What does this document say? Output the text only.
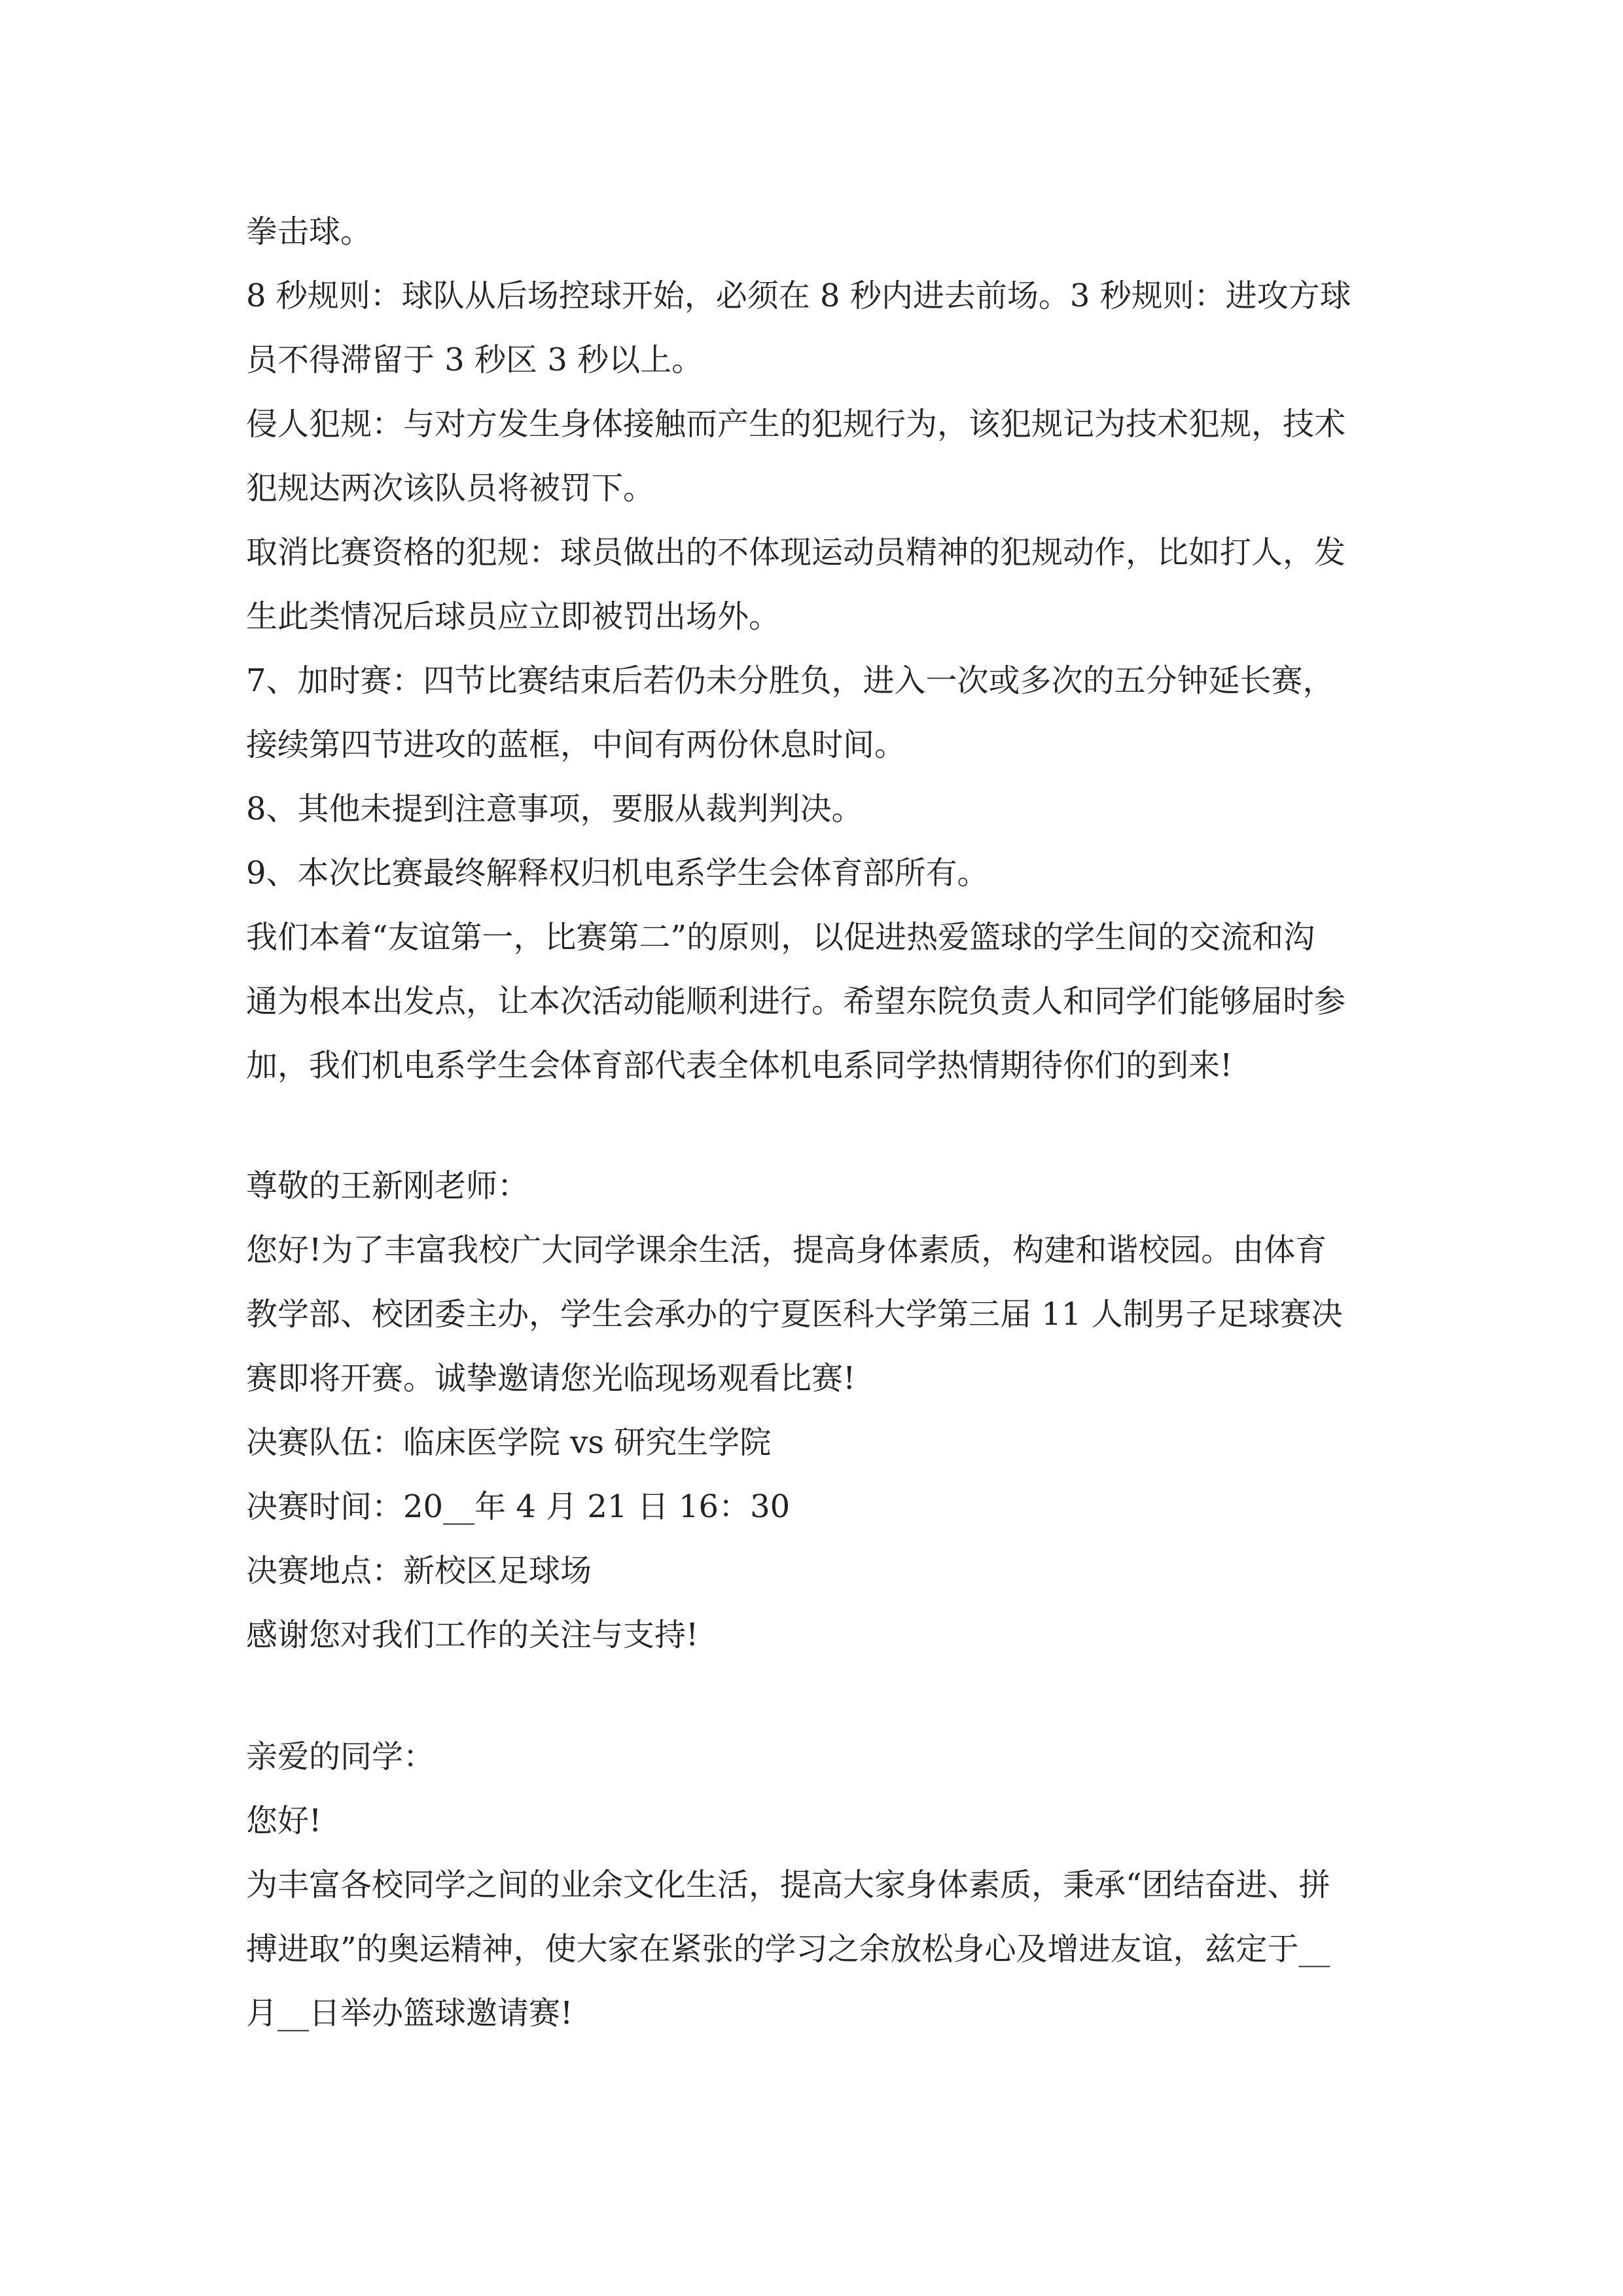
拳击球。
8 秒规则：球队从后场控球开始，必须在 8 秒内进去前场。3 秒规则：进攻方球
员不得滞留于 3 秒区 3 秒以上。
侵人犯规：与对方发生身体接触而产生的犯规行为，该犯规记为技术犯规，技术
犯规达两次该队员将被罚下。
取消比赛资格的犯规：球员做出的不体现运动员精神的犯规动作，比如打人，发
生此类情况后球员应立即被罚出场外。
7、加时赛：四节比赛结束后若仍未分胜负，进入一次或多次的五分钟延长赛，
接续第四节进攻的蓝框，中间有两份休息时间。
8、其他未提到注意事项，要服从裁判判决。
9、本次比赛最终解释权归机电系学生会体育部所有。
我们本着“友谊第一，比赛第二”的原则，以促进热爱篮球的学生间的交流和沟
通为根本出发点，让本次活动能顺利进行。希望东院负责人和同学们能够届时参
加，我们机电系学生会体育部代表全体机电系同学热情期待你们的到来!
尊敬的王新刚老师：
您好!为了丰富我校广大同学课余生活，提高身体素质，构建和谐校园。由体育
教学部、校团委主办，学生会承办的宁夏医科大学第三届 11 人制男子足球赛决
赛即将开赛。诚挚邀请您光临现场观看比赛!
决赛队伍：临床医学院 vs 研究生学院
决赛时间：20__年 4 月 21 日 16：30
决赛地点：新校区足球场
感谢您对我们工作的关注与支持!
亲爱的同学：
您好!
为丰富各校同学之间的业余文化生活，提高大家身体素质，秉承“团结奋进、拼
搏进取”的奥运精神，使大家在紧张的学习之余放松身心及增进友谊，兹定于__
月__日举办篮球邀请赛!
